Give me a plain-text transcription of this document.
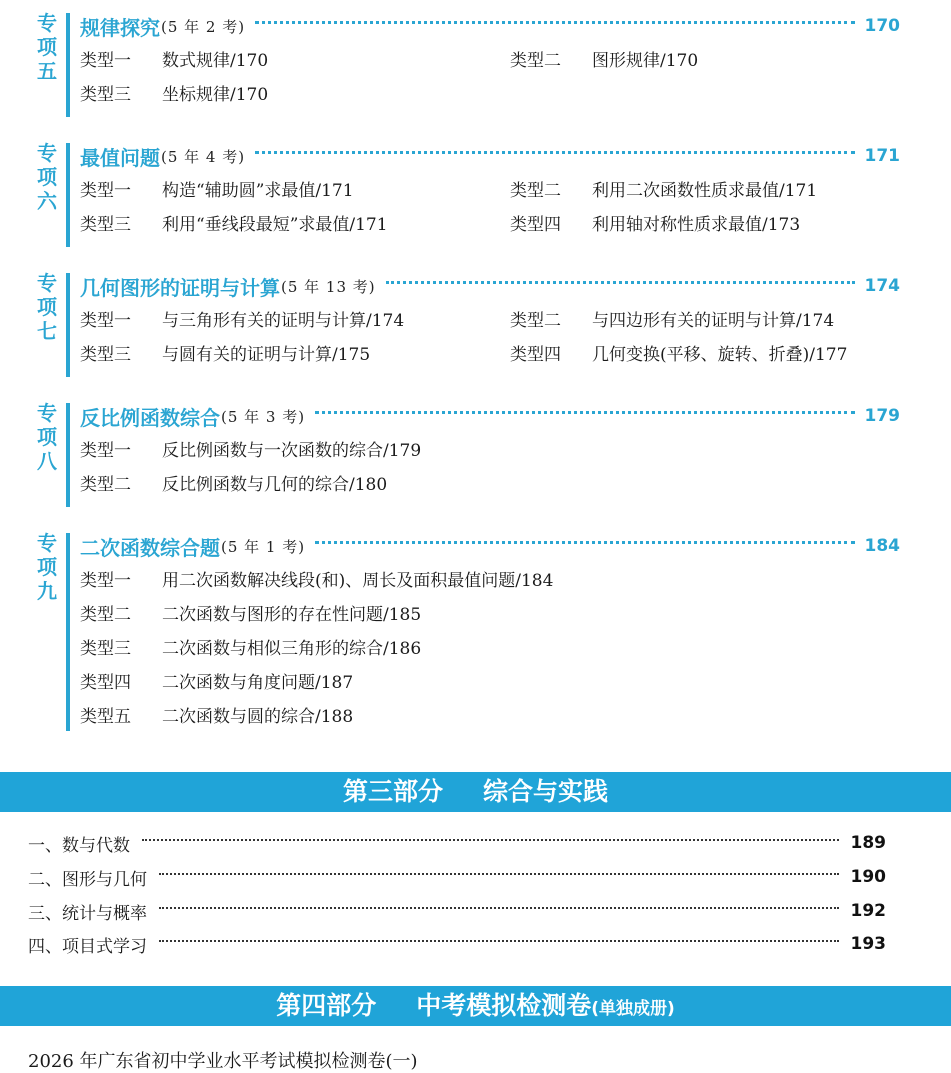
专
项
五
规律探究 (5 年 2 考)	170
类型一 数式规律/170	类型二 图形规律/170
类型三 坐标规律/170
专
项
六
最值问题 (5 年 4 考)	171
类型一 构造“辅助圆”求最值/171	类型二 利用二次函数性质求最值/171
类型三 利用“垂线段最短”求最值/171	类型四 利用轴对称性质求最值/173
专
项
七
几何图形的证明与计算 (5 年 13 考)	174
类型一 与三角形有关的证明与计算/174	类型二 与四边形有关的证明与计算/174
类型三 与圆有关的证明与计算/175	类型四 几何变换(平移、旋转、折叠)/177
专
项
八
反比例函数综合 (5 年 3 考)	179
类型一 反比例函数与一次函数的综合/179
类型二 反比例函数与几何的综合/180
专
项
九
二次函数综合题 (5 年 1 考)	184
类型一 用二次函数解决线段(和)、周长及面积最值问题/184
类型二 二次函数与图形的存在性问题/185
类型三 二次函数与相似三角形的综合/186
类型四 二次函数与角度问题/187
类型五 二次函数与圆的综合/188
第三部分 综合与实践
一、数与代数	189
二、图形与几何	190
三、统计与概率	192
四、项目式学习	193
第四部分 中考模拟检测卷(单独成册)
2026 年广东省初中学业水平考试模拟检测卷(一)
